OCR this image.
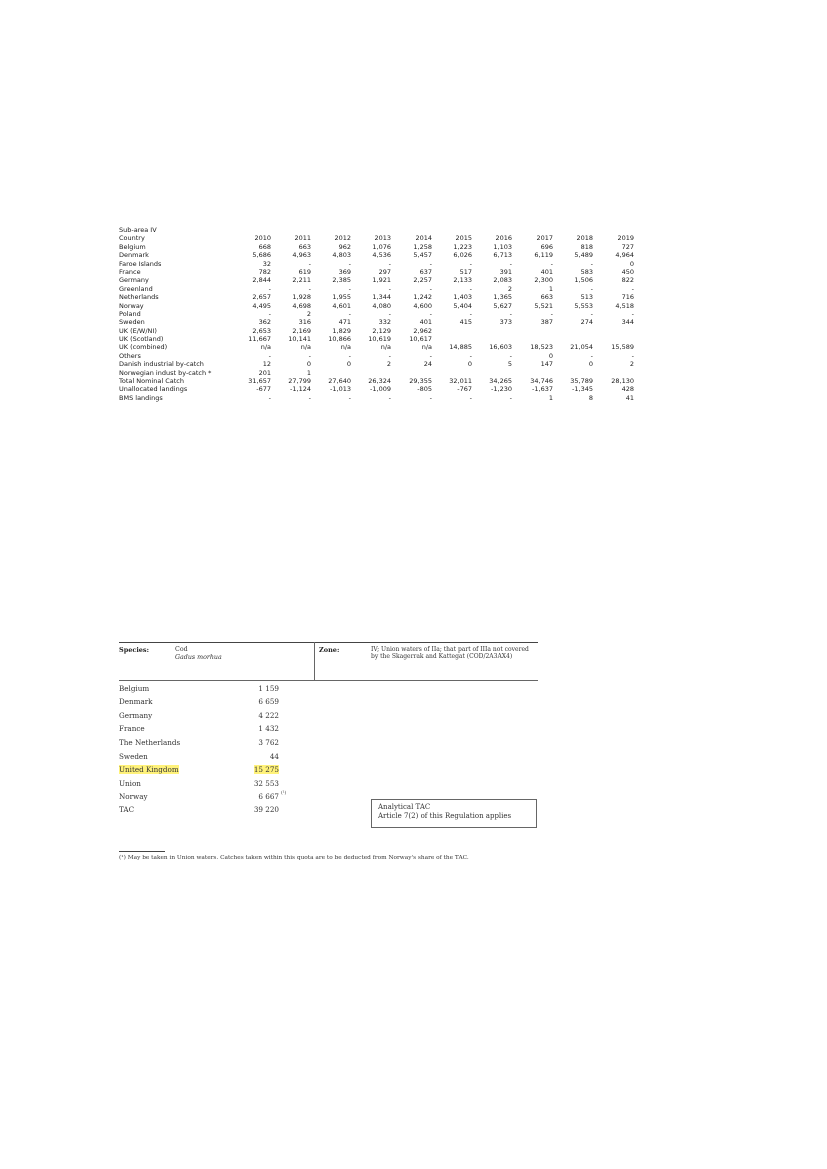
Sub-area IV
Country	2010	2011	2012	2013	2014	2015	2016	2017	2018	2019
Belgium	668	663	962	1,076	1,258	1,223	1,103	696	818	727
Denmark	5,686	4,963	4,803	4,536	5,457	6,026	6,713	6,119	5,489	4,964
Faroe Islands	32	-	-	-	-	-	-	-	-	0
France	782	619	369	297	637	517	391	401	583	450
Germany	2,844	2,211	2,385	1,921	2,257	2,133	2,083	2,300	1,506	822
Greenland	-	-	-	-	-	-	2	1	-	-
Netherlands	2,657	1,928	1,955	1,344	1,242	1,403	1,365	663	513	716
Norway	4,495	4,698	4,601	4,080	4,600	5,404	5,627	5,521	5,553	4,518
Poland	-	2	-	-	-	-	-	-	-	-
Sweden	362	316	471	332	401	415	373	387	274	344
UK (E/W/NI)	2,653	2,169	1,829	2,129	2,962
UK (Scotland)	11,667	10,141	10,866	10,619	10,617
UK (combined)	n/a	n/a	n/a	n/a	n/a	14,885	16,603	18,523	21,054	15,589
Others	-	-	-	-	-	-	-	0	-	-
Danish industrial by-catch	12	0	0	2	24	0	5	147	0	2
Norwegian indust by-catch *	201	1
Total Nominal Catch	31,657	27,799	27,640	26,324	29,355	32,011	34,265	34,746	35,789	28,130
Unallocated landings	-677	-1,124	-1,013	-1,009	-805	-767	-1,230	-1,637	-1,345	428
BMS landings	-	-	-	-	-	-	-	1	8	41
Species:	Cod
Gadus morhua
Zone:	IV; Union waters of IIa; that part of IIIa not covered by the Skagerrak and Kattegat (COD/2A3AX4)
Belgium	1 159
Denmark	6 659
Germany	4 222
France	1 432
The Netherlands	3 762
Sweden	44
United Kingdom	15 275
Union	32 553
Norway	6 667 (¹)
TAC	39 220	Analytical TAC
Article 7(2) of this Regulation applies
(¹) May be taken in Union waters. Catches taken within this quota are to be deducted from Norway's share of the TAC.
